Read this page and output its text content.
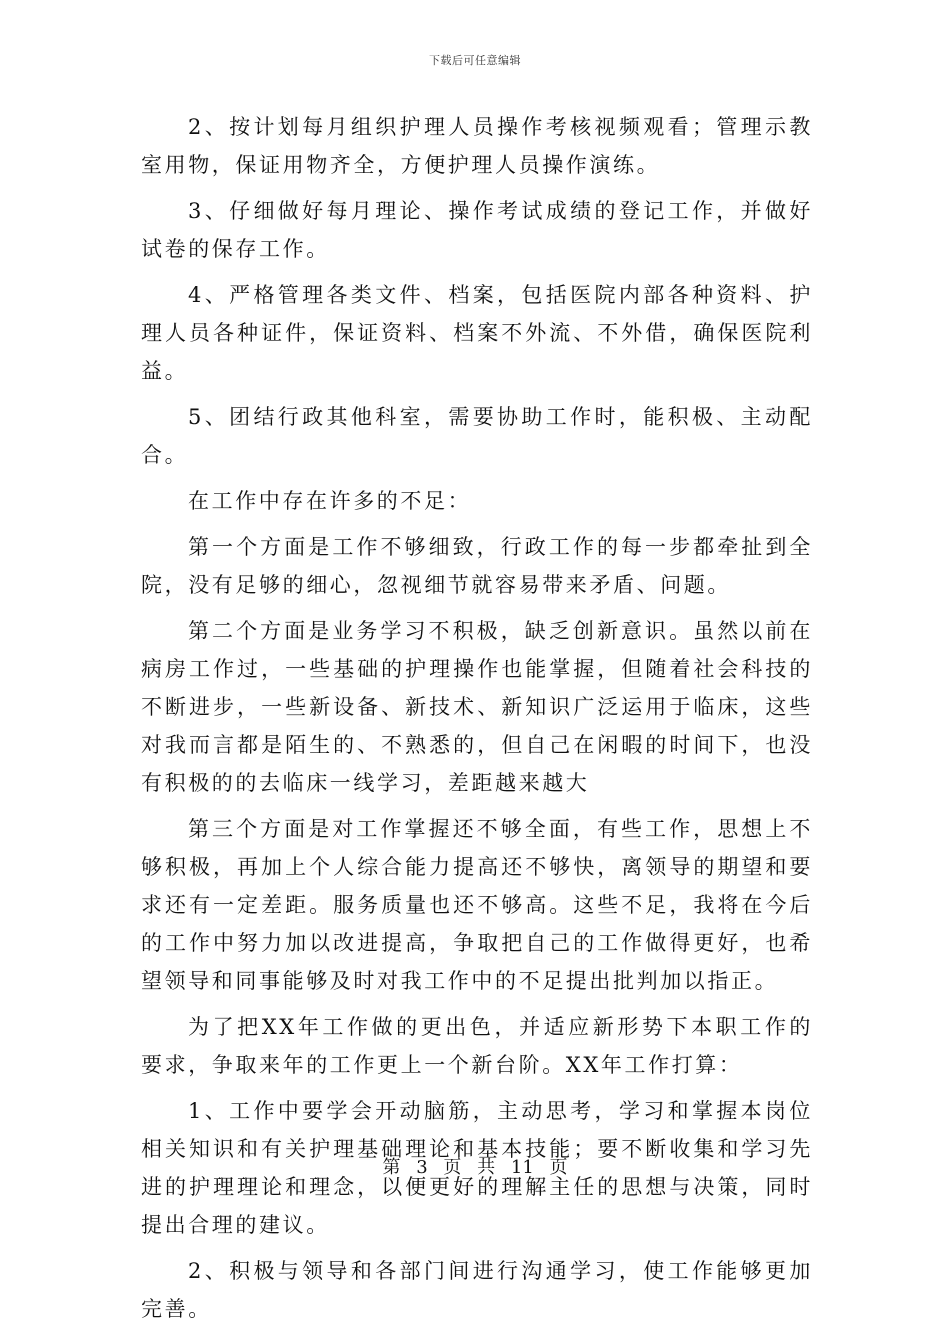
下载后可任意编辑

2、按计划每月组织护理人员操作考核视频观看；管理示教室用物，保证用物齐全，方便护理人员操作演练。

3、仔细做好每月理论、操作考试成绩的登记工作，并做好试卷的保存工作。

4、严格管理各类文件、档案，包括医院内部各种资料、护理人员各种证件，保证资料、档案不外流、不外借，确保医院利益。

5、团结行政其他科室，需要协助工作时，能积极、主动配合。

在工作中存在许多的不足：

第一个方面是工作不够细致，行政工作的每一步都牵扯到全院，没有足够的细心，忽视细节就容易带来矛盾、问题。

第二个方面是业务学习不积极，缺乏创新意识。虽然以前在病房工作过，一些基础的护理操作也能掌握，但随着社会科技的不断进步，一些新设备、新技术、新知识广泛运用于临床，这些对我而言都是陌生的、不熟悉的，但自己在闲暇的时间下，也没有积极的的去临床一线学习，差距越来越大

第三个方面是对工作掌握还不够全面，有些工作，思想上不够积极，再加上个人综合能力提高还不够快，离领导的期望和要求还有一定差距。服务质量也还不够高。这些不足，我将在今后的工作中努力加以改进提高，争取把自己的工作做得更好，也希望领导和同事能够及时对我工作中的不足提出批判加以指正。

为了把XX年工作做的更出色，并适应新形势下本职工作的要求，争取来年的工作更上一个新台阶。XX年工作打算：

1、工作中要学会开动脑筋，主动思考，学习和掌握本岗位相关知识和有关护理基础理论和基本技能；要不断收集和学习先进的护理理论和理念，以便更好的理解主任的思想与决策，同时提出合理的建议。

2、积极与领导和各部门间进行沟通学习，使工作能够更加完善。

第 3 页 共 11 页
